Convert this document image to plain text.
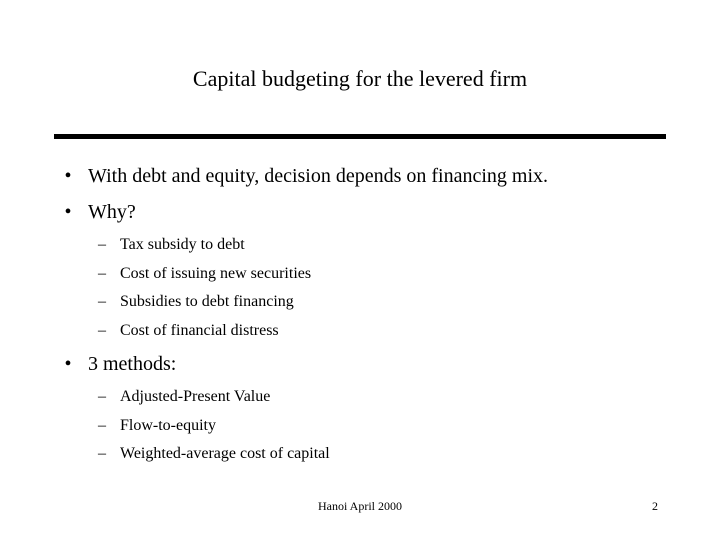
Capital budgeting for the levered firm
• With debt and equity, decision depends on financing mix.
• Why?
– Tax subsidy to debt
– Cost of issuing new securities
– Subsidies to debt financing
– Cost of financial distress
• 3 methods:
– Adjusted-Present Value
– Flow-to-equity
– Weighted-average cost of capital
Hanoi April 2000	2
